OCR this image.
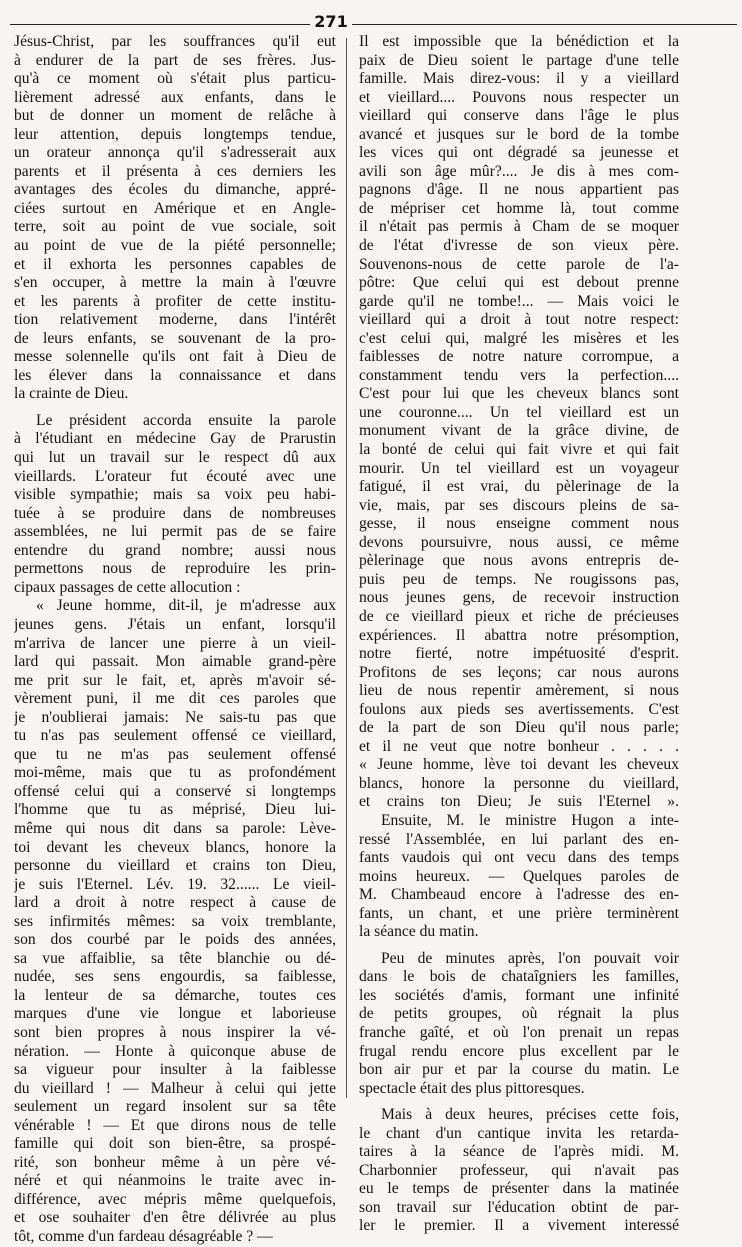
271
Jésus-Christ, par les souffrances qu'il eut
à endurer de la part de ses frères. Jus-
qu'à ce moment où s'était plus particu-
lièrement adressé aux enfants, dans le
but de donner un moment de relâche à
leur attention, depuis longtemps tendue,
un orateur annonça qu'il s'adresserait aux
parents et il présenta à ces derniers les
avantages des écoles du dimanche, appré-
ciées surtout en Amérique et en Angle-
terre, soit au point de vue sociale, soit
au point de vue de la piété personnelle;
et il exhorta les personnes capables de
s'en occuper, à mettre la main à l'œuvre
et les parents à profiter de cette institu-
tion relativement moderne, dans l'intérêt
de leurs enfants, se souvenant de la pro-
messe solennelle qu'ils ont fait à Dieu de
les élever dans la connaissance et dans
la crainte de Dieu.
Le président accorda ensuite la parole
à l'étudiant en médecine Gay de Prarustin
qui lut un travail sur le respect dû aux
vieillards. L'orateur fut écouté avec une
visible sympathie; mais sa voix peu habi-
tuée à se produire dans de nombreuses
assemblées, ne lui permit pas de se faire
entendre du grand nombre; aussi nous
permettons nous de reproduire les prin-
cipaux passages de cette allocution :
« Jeune homme, dit-il, je m'adresse aux
jeunes gens. J'étais un enfant, lorsqu'il
m'arriva de lancer une pierre à un vieil-
lard qui passait. Mon aimable grand-père
me prit sur le fait, et, après m'avoir sé-
vèrement puni, il me dit ces paroles que
je n'oublierai jamais: Ne sais-tu pas que
tu n'as pas seulement offensé ce vieillard,
que tu ne m'as pas seulement offensé
moi-même, mais que tu as profondément
offensé celui qui a conservé si longtemps
l'homme que tu as méprisé, Dieu lui-
même qui nous dit dans sa parole: Lève-
toi devant les cheveux blancs, honore la
personne du vieillard et crains ton Dieu,
je suis l'Eternel. Lév. 19. 32...... Le vieil-
lard a droit à notre respect à cause de
ses infirmités mêmes: sa voix tremblante,
son dos courbé par le poids des années,
sa vue affaiblie, sa tête blanchie ou dé-
nudée, ses sens engourdis, sa faiblesse,
la lenteur de sa démarche, toutes ces
marques d'une vie longue et laborieuse
sont bien propres à nous inspirer la vé-
nération. — Honte à quiconque abuse de
sa vigueur pour insulter à la faiblesse
du vieillard ! — Malheur à celui qui jette
seulement un regard insolent sur sa tête
vénérable ! — Et que dirons nous de telle
famille qui doit son bien-être, sa prospé-
rité, son bonheur même à un père vé-
néré et qui néanmoins le traite avec in-
différence, avec mépris même quelquefois,
et ose souhaiter d'en être délivrée au plus
tôt, comme d'un fardeau désagréable ? —
Il est impossible que la bénédiction et la
paix de Dieu soient le partage d'une telle
famille. Mais direz-vous: il y a vieillard
et vieillard.... Pouvons nous respecter un
vieillard qui conserve dans l'âge le plus
avancé et jusques sur le bord de la tombe
les vices qui ont dégradé sa jeunesse et
avili son âge mûr?.... Je dis à mes com-
pagnons d'âge. Il ne nous appartient pas
de mépriser cet homme là, tout comme
il n'était pas permis à Cham de se moquer
de l'état d'ivresse de son vieux père.
Souvenons-nous de cette parole de l'a-
pôtre: Que celui qui est debout prenne
garde qu'il ne tombe!... — Mais voici le
vieillard qui a droit à tout notre respect:
c'est celui qui, malgré les misères et les
faiblesses de notre nature corrompue, a
constamment tendu vers la perfection....
C'est pour lui que les cheveux blancs sont
une couronne.... Un tel vieillard est un
monument vivant de la grâce divine, de
la bonté de celui qui fait vivre et qui fait
mourir. Un tel vieillard est un voyageur
fatigué, il est vrai, du pèlerinage de la
vie, mais, par ses discours pleins de sa-
gesse, il nous enseigne comment nous
devons poursuivre, nous aussi, ce même
pèlerinage que nous avons entrepris de-
puis peu de temps. Ne rougissons pas,
nous jeunes gens, de recevoir instruction
de ce vieillard pieux et riche de précieuses
expériences. Il abattra notre présomption,
notre fierté, notre impétuosité d'esprit.
Profitons de ses leçons; car nous aurons
lieu de nous repentir amèrement, si nous
foulons aux pieds ses avertissements. C'est
de la part de son Dieu qu'il nous parle;
et il ne veut que notre bonheur . . . . .
« Jeune homme, lève toi devant les cheveux
blancs, honore la personne du vieillard,
et crains ton Dieu; Je suis l'Eternel ».
Ensuite, M. le ministre Hugon a inte-
ressé l'Assemblée, en lui parlant des en-
fants vaudois qui ont vecu dans des temps
moins heureux. — Quelques paroles de
M. Chambeaud encore à l'adresse des en-
fants, un chant, et une prière terminèrent
la séance du matin.
Peu de minutes après, l'on pouvait voir
dans le bois de chataîgniers les familles,
les sociétés d'amis, formant une infinité
de petits groupes, où régnait la plus
franche gaîté, et où l'on prenait un repas
frugal rendu encore plus excellent par le
bon air pur et par la course du matin. Le
spectacle était des plus pittoresques.
Mais à deux heures, précises cette fois,
le chant d'un cantique invita les retarda-
taires à la séance de l'après midi. M.
Charbonnier professeur, qui n'avait pas
eu le temps de présenter dans la matinée
son travail sur l'éducation obtint de par-
ler le premier. Il a vivement interessé
